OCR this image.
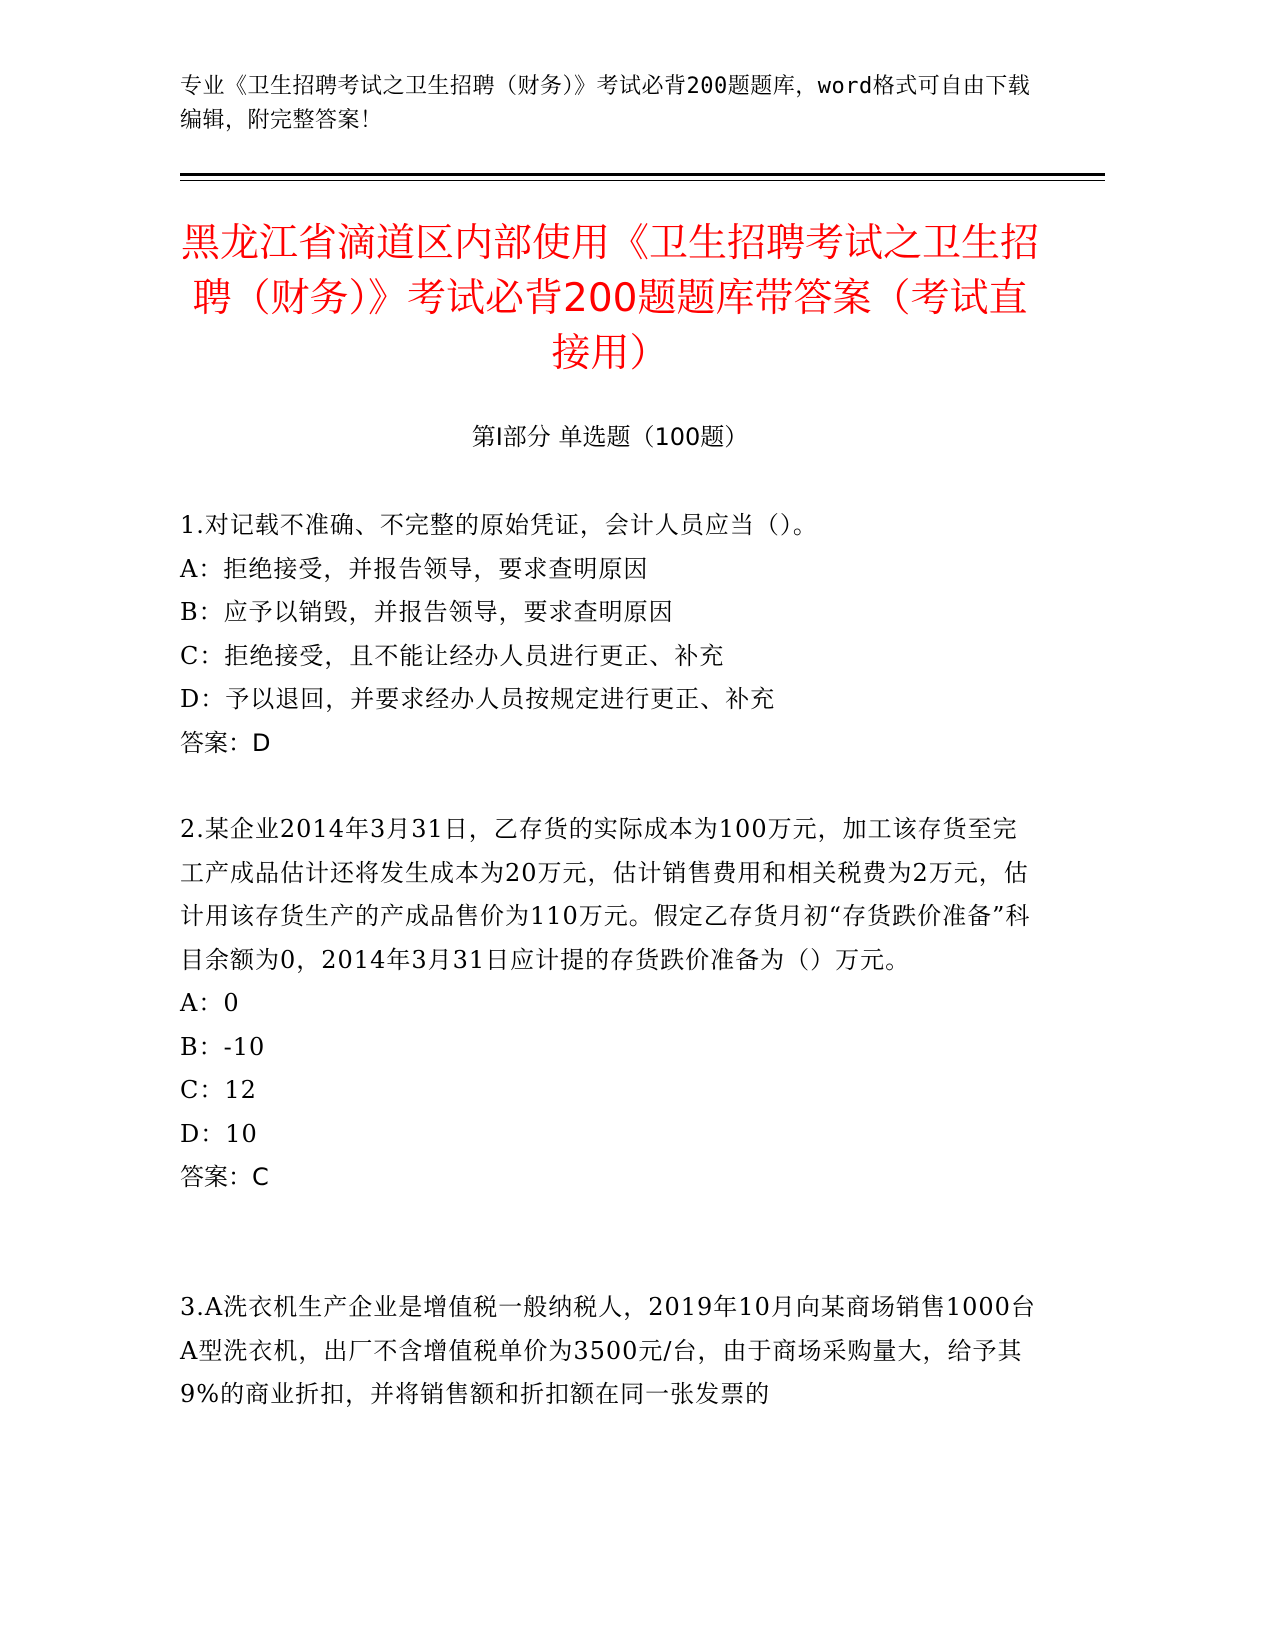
专业《卫生招聘考试之卫生招聘（财务）》考试必背200题题库，word格式可自由下载编辑，附完整答案！
黑龙江省滴道区内部使用《卫生招聘考试之卫生招聘（财务）》考试必背200题题库带答案（考试直接用）
第I部分 单选题（100题）

1.对记载不准确、不完整的原始凭证，会计人员应当（）。

A：拒绝接受，并报告领导，要求查明原因

B：应予以销毁，并报告领导，要求查明原因

C：拒绝接受，且不能让经办人员进行更正、补充

D：予以退回，并要求经办人员按规定进行更正、补充

答案：D

2.某企业2014年3月31日，乙存货的实际成本为100万元，加工该存货至完工产成品估计还将发生成本为20万元，估计销售费用和相关税费为2万元，估计用该存货生产的产成品售价为110万元。假定乙存货月初“存货跌价准备”科目余额为0，2014年3月31日应计提的存货跌价准备为（）万元。

A：0

B：-10

C：12

D：10

答案：C

3.A洗衣机生产企业是增值税一般纳税人，2019年10月向某商场销售1000台A型洗衣机，出厂不含增值税单价为3500元/台，由于商场采购量大，给予其9%的商业折扣，并将销售额和折扣额在同一张发票的
